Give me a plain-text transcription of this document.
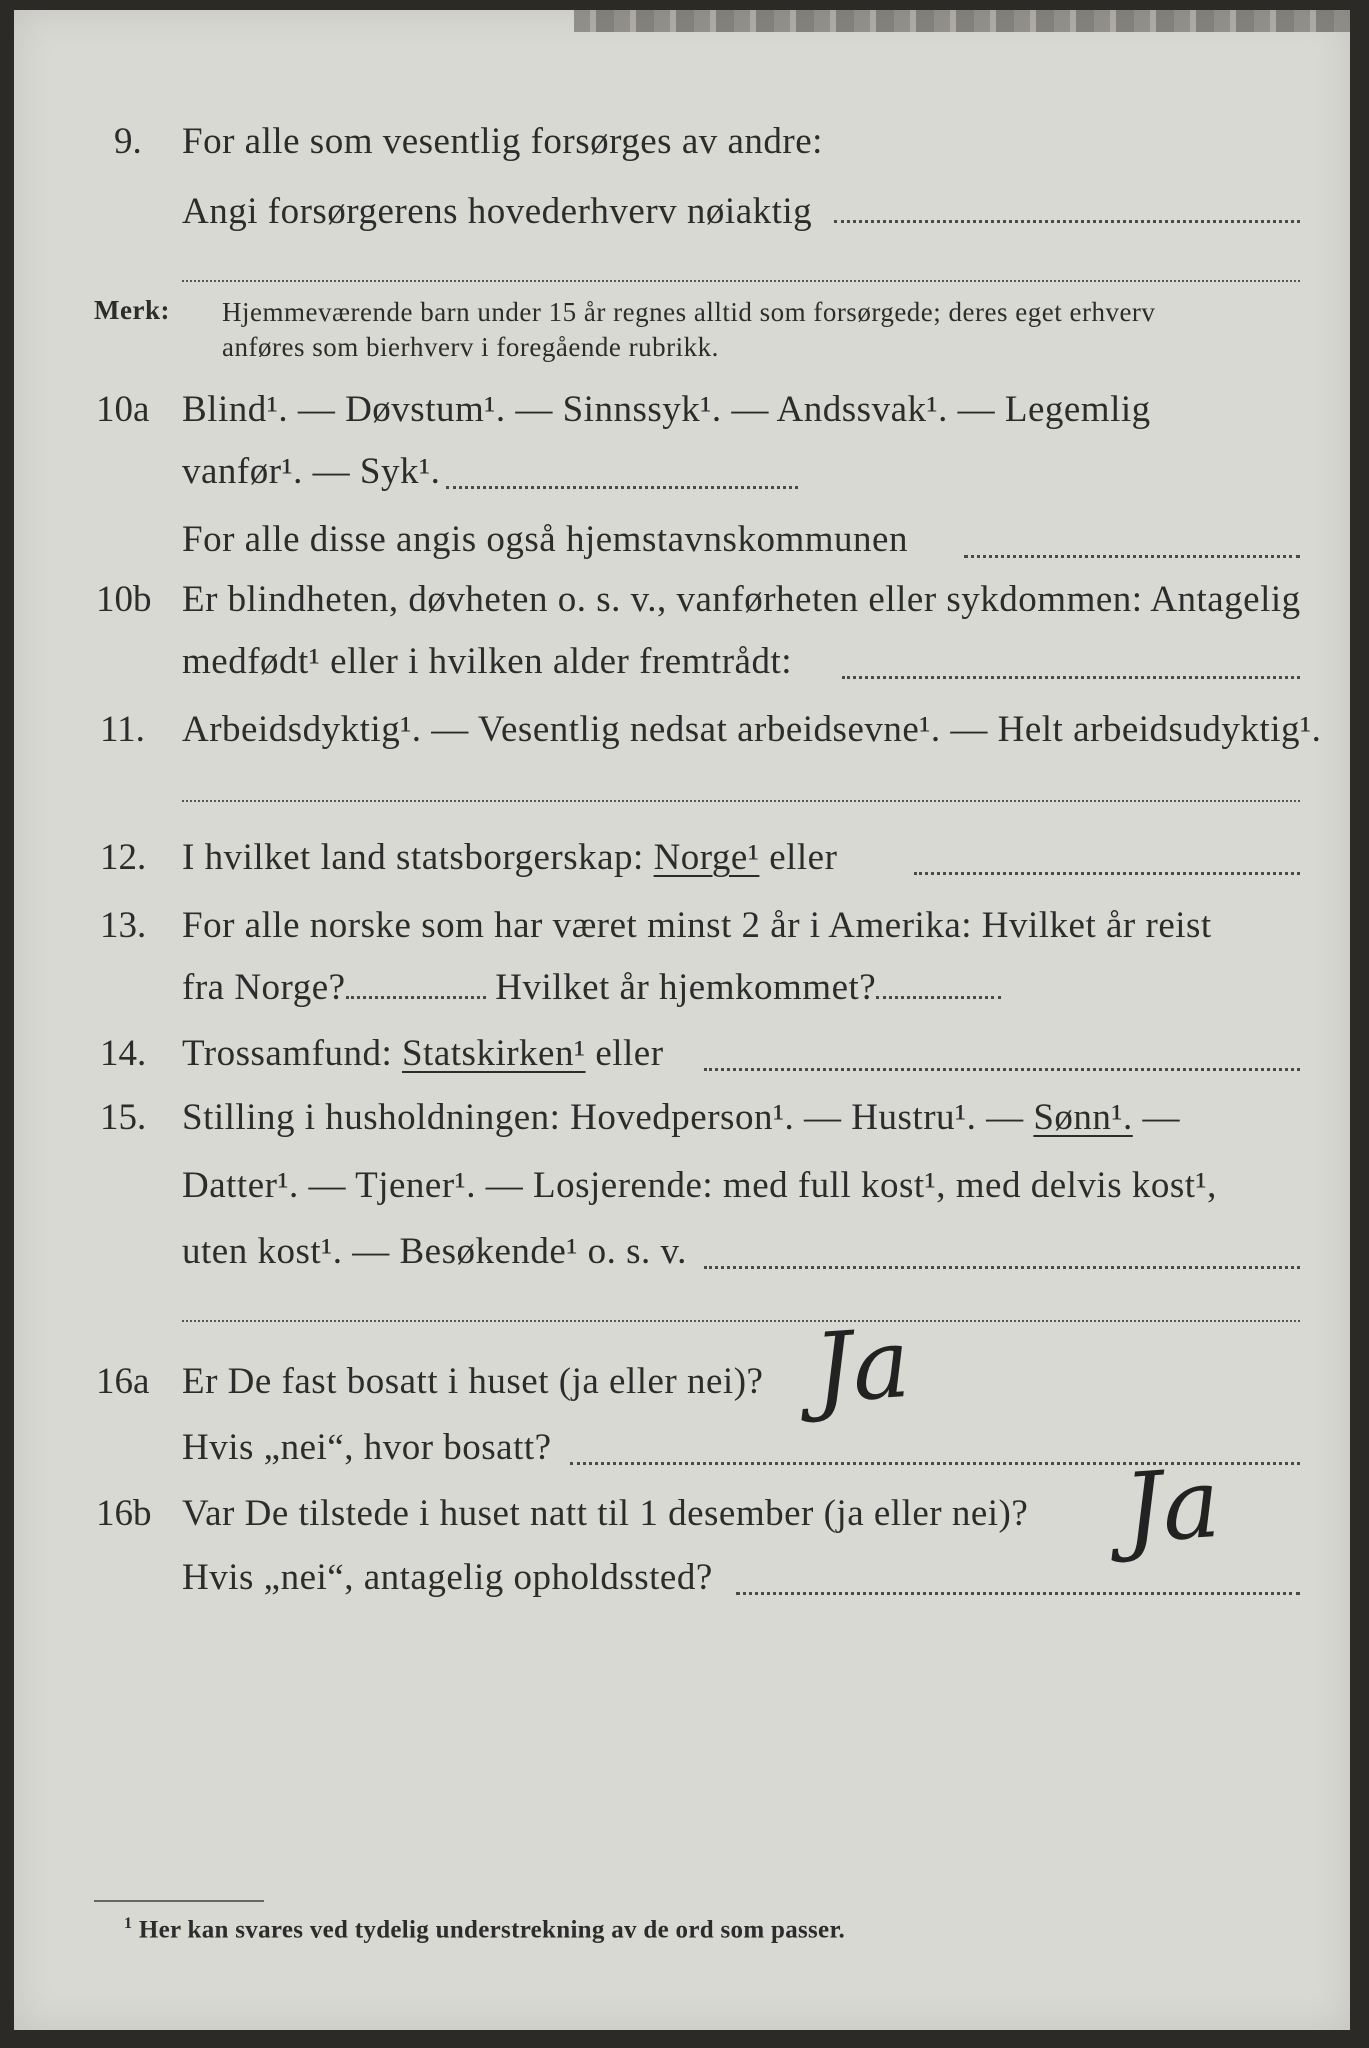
9. For alle som vesentlig forsørges av andre:
Angi forsørgerens hovederhverv nøiaktig
Merk: Hjemmeværende barn under 15 år regnes alltid som forsørgede; deres eget erhverv
anføres som bierhverv i foregående rubrikk.
10a Blind¹. — Døvstum¹. — Sinnssyk¹. — Andssvak¹. — Legemlig
vanfør¹. — Syk¹.
For alle disse angis også hjemstavnskommunen
10b Er blindheten, døvheten o. s. v., vanførheten eller sykdommen: Antagelig
medfødt¹ eller i hvilken alder fremtrådt:
11. Arbeidsdyktig¹. — Vesentlig nedsat arbeidsevne¹. — Helt arbeidsudyktig¹.
12. I hvilket land statsborgerskap: Norge¹ eller
13. For alle norske som har været minst 2 år i Amerika: Hvilket år reist
fra Norge?	Hvilket år hjemkommet?
14. Trossamfund: Statskirken¹ eller
15. Stilling i husholdningen: Hovedperson¹. — Hustru¹. — Sønn¹. —
Datter¹. — Tjener¹. — Losjerende: med full kost¹, med delvis kost¹,
uten kost¹. — Besøkende¹ o. s. v.
16a Er De fast bosatt i huset (ja eller nei)? Ja
Hvis „nei“, hvor bosatt?
16b Var De tilstede i huset natt til 1 desember (ja eller nei)? Ja
Hvis „nei“, antagelig opholdssted?
$^1$ Her kan svares ved tydelig understrekning av de ord som passer.
